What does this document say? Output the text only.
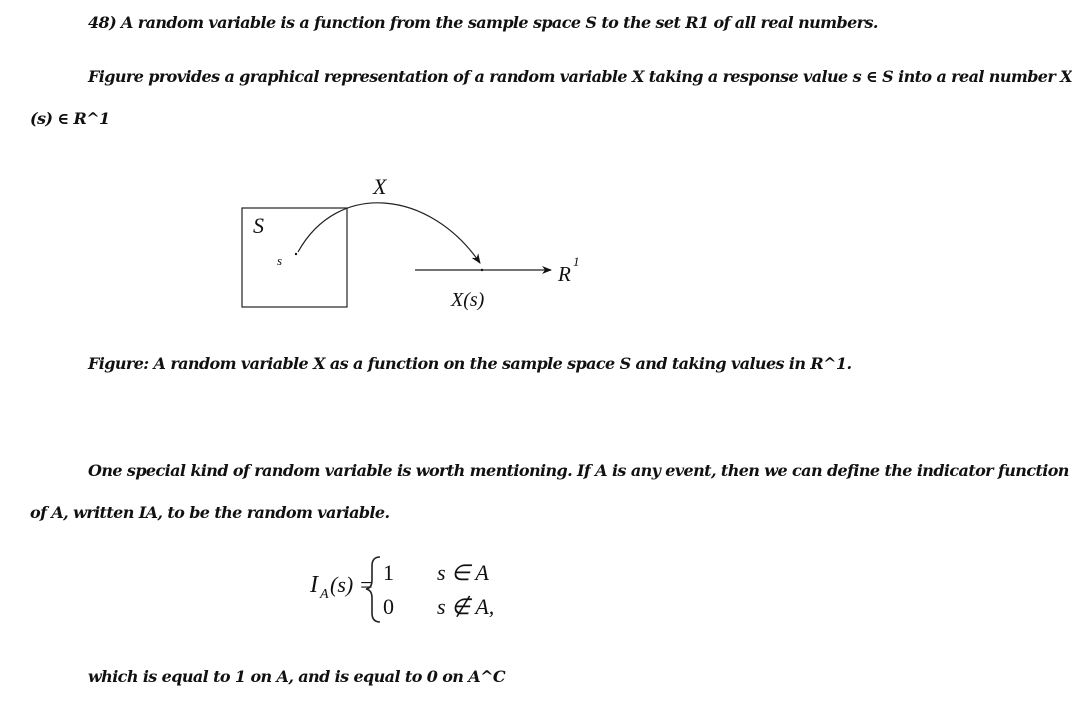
48) A random variable is a function from the sample space S to the set R1 of all real numbers.
Figure provides a graphical representation of a random variable X taking a response value s ∈ S into a real number X
(s) ∈ R^1
S
s
X
X(s)
R
1
I A (s) = 1 s ∈ A
0 s ∉ A,
Figure: A random variable X as a function on the sample space S and taking values in R^1.
One special kind of random variable is worth mentioning. If A is any event, then we can define the indicator function
of A, written IA, to be the random variable.
which is equal to 1 on A, and is equal to 0 on A^C
